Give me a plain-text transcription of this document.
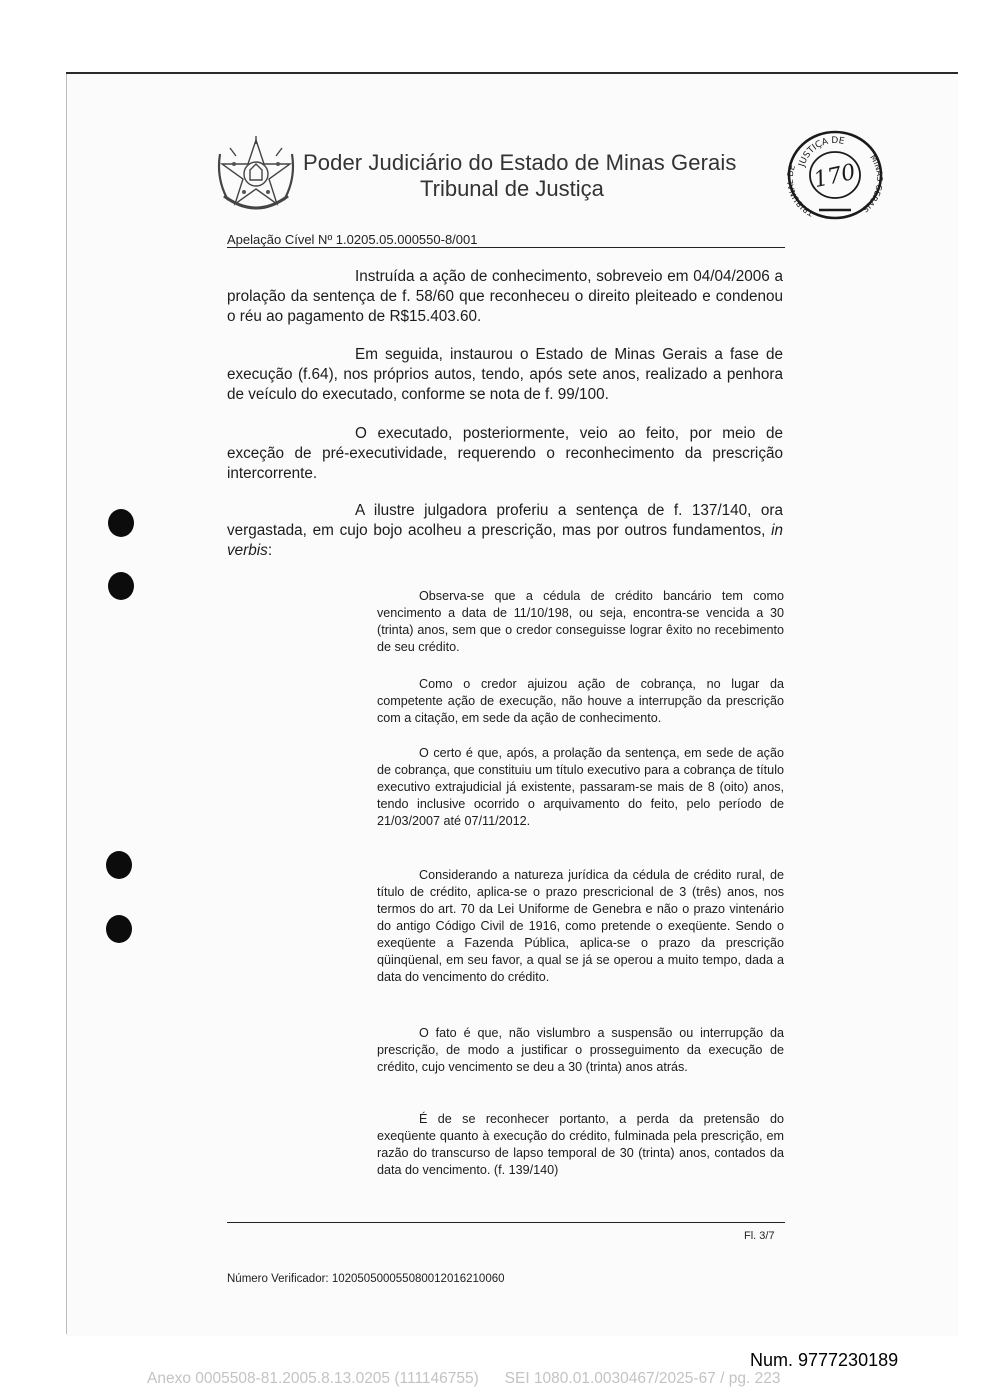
Poder Judiciário do Estado de Minas Gerais
Tribunal de Justiça
JUSTIÇA DE
TRIBUNAL DE
MINAS GERAIS
170
Apelação Cível Nº 1.0205.05.000550-8/001
Instruída a ação de conhecimento, sobreveio em 04/04/2006 a prolação da sentença de f. 58/60 que reconheceu o direito pleiteado e condenou o réu ao pagamento de R$15.403.60.
Em seguida, instaurou o Estado de Minas Gerais a fase de execução (f.64), nos próprios autos, tendo, após sete anos, realizado a penhora de veículo do executado, conforme se nota de f. 99/100.
O executado, posteriormente, veio ao feito, por meio de exceção de pré-executividade, requerendo o reconhecimento da prescrição intercorrente.
A ilustre julgadora proferiu a sentença de f. 137/140, ora vergastada, em cujo bojo acolheu a prescrição, mas por outros fundamentos, in verbis:
Observa-se que a cédula de crédito bancário tem como vencimento a data de 11/10/198, ou seja, encontra-se vencida a 30 (trinta) anos, sem que o credor conseguisse lograr êxito no recebimento de seu crédito.
Como o credor ajuizou ação de cobrança, no lugar da competente ação de execução, não houve a interrupção da prescrição com a citação, em sede da ação de conhecimento.
O certo é que, após, a prolação da sentença, em sede de ação de cobrança, que constituiu um título executivo para a cobrança de título executivo extrajudicial já existente, passaram-se mais de 8 (oito) anos, tendo inclusive ocorrido o arquivamento do feito, pelo período de 21/03/2007 até 07/11/2012.
Considerando a natureza jurídica da cédula de crédito rural, de título de crédito, aplica-se o prazo prescricional de 3 (três) anos, nos termos do art. 70 da Lei Uniforme de Genebra e não o prazo vintenário do antigo Código Civil de 1916, como pretende o exeqüente. Sendo o exeqüente a Fazenda Pública, aplica-se o prazo da prescrição qüinqüenal, em seu favor, a qual se já se operou a muito tempo, dada a data do vencimento do crédito.
O fato é que, não vislumbro a suspensão ou interrupção da prescrição, de modo a justificar o prosseguimento da execução de crédito, cujo vencimento se deu a 30 (trinta) anos atrás.
É de se reconhecer portanto, a perda da pretensão do exeqüente quanto à execução do crédito, fulminada pela prescrição, em razão do transcurso de lapso temporal de 30 (trinta) anos, contados da data do vencimento. (f. 139/140)
Fl. 3/7
Número Verificador: 1020505000550800120162100​60
Num. 9777230189
Anexo 0005508-81.2005.8.13.0205 (111146755)      SEI 1080.01.0030467/2025-67 / pg. 223
